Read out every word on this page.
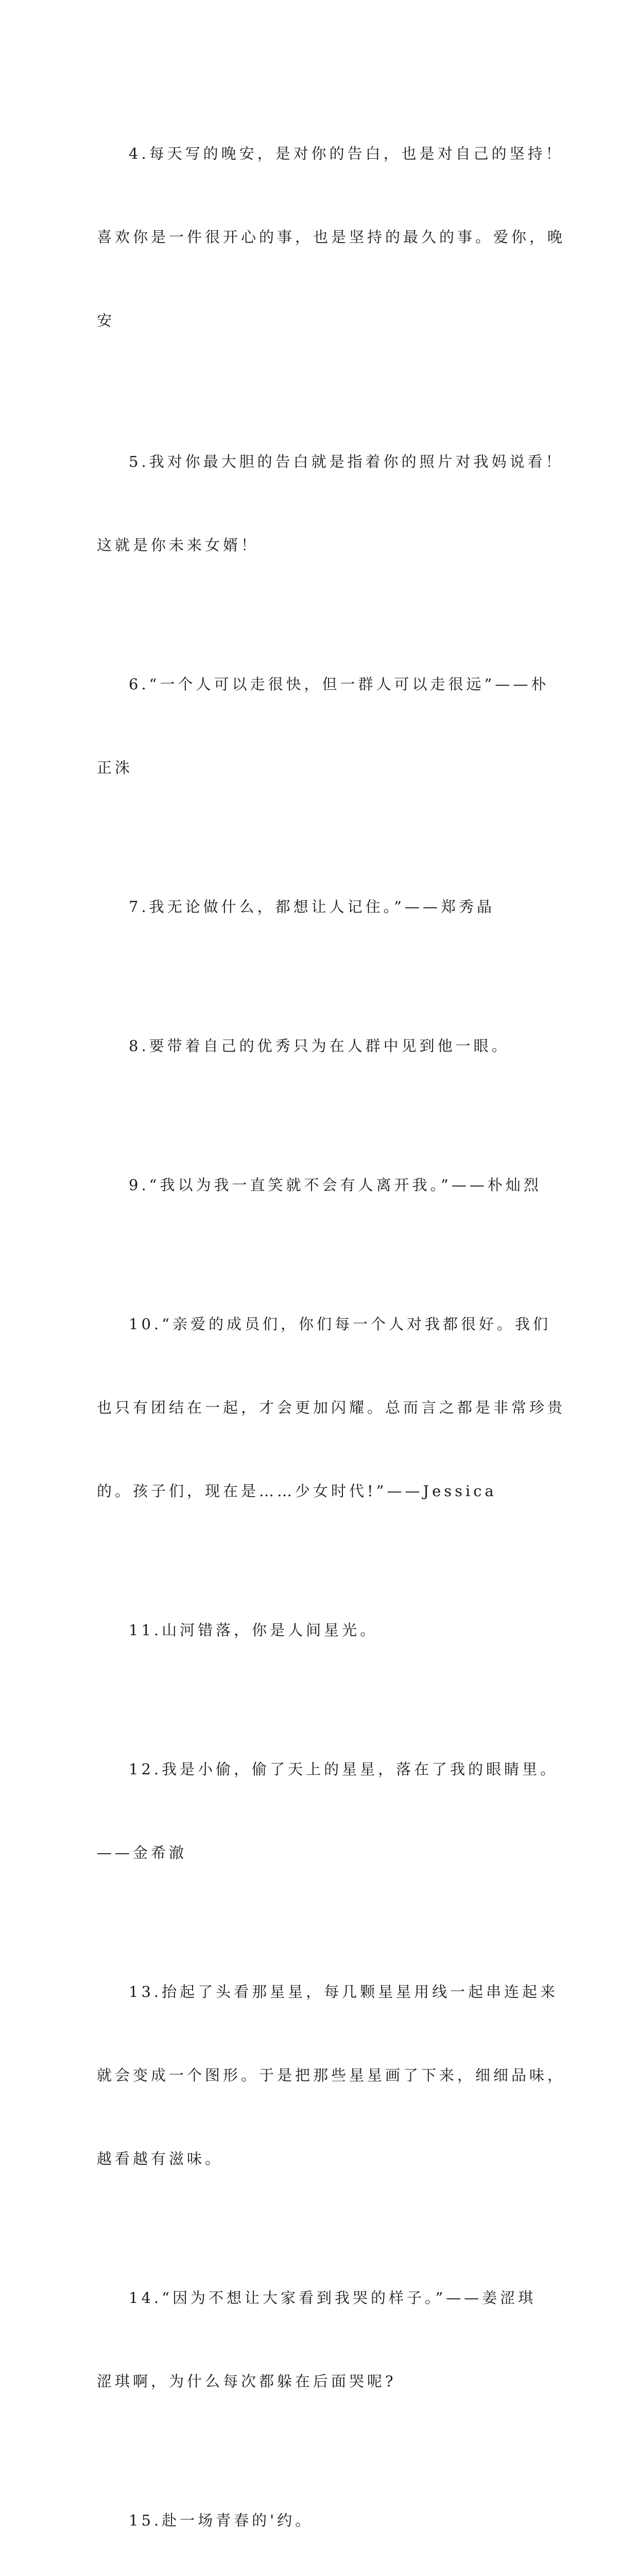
4.每天写的晚安，是对你的告白，也是对自己的坚持！

喜欢你是一件很开心的事，也是坚持的最久的事。爱你，晚

安

5.我对你最大胆的告白就是指着你的照片对我妈说看！

这就是你未来女婿！

6.“一个人可以走很快，但一群人可以走很远”——朴

正洙

7.我无论做什么，都想让人记住。”——郑秀晶

8.要带着自己的优秀只为在人群中见到他一眼。

9.“我以为我一直笑就不会有人离开我。”——朴灿烈

10.“亲爱的成员们，你们每一个人对我都很好。我们

也只有团结在一起，才会更加闪耀。总而言之都是非常珍贵

的。孩子们，现在是……少女时代!”——Jessica

11.山河错落，你是人间星光。

12.我是小偷，偷了天上的星星，落在了我的眼睛里。

——金希澈

13.抬起了头看那星星，每几颗星星用线一起串连起来

就会变成一个图形。于是把那些星星画了下来，细细品味，

越看越有滋味。

14.“因为不想让大家看到我哭的样子。”——姜涩琪

涩琪啊，为什么每次都躲在后面哭呢?

15.赴一场青春的'约。
